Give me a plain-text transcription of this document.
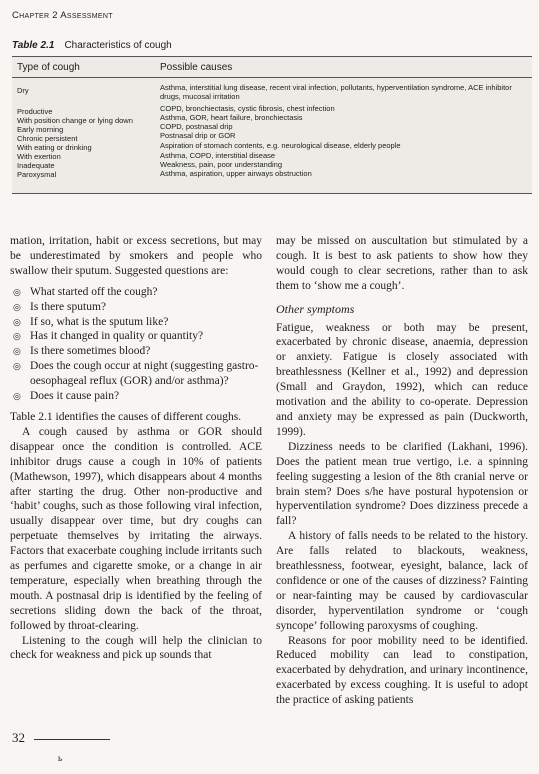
Chapter 2 Assessment
Table 2.1 Characteristics of cough
Type of cough	Possible causes
Dry	Asthma, interstitial lung disease, recent viral infection, pollutants, hyperventilation syndrome, ACE inhibitor drugs, mucosal irritation
Productive	COPD, bronchiectasis, cystic fibrosis, chest infection
With position change or lying down	Asthma, GOR, heart failure, bronchiectasis
Early morning	COPD, postnasal drip
Chronic persistent	Postnasal drip or GOR
With eating or drinking	Aspiration of stomach contents, e.g. neurological disease, elderly people
With exertion	Asthma, COPD, interstitial disease
Inadequate	Weakness, pain, poor understanding
Paroxysmal	Asthma, aspiration, upper airways obstruction

mation, irritation, habit or excess secretions, but may be underestimated by smokers and people who swallow their sputum. Suggested questions are:

◎ What started off the cough?
◎ Is there sputum?
◎ If so, what is the sputum like?
◎ Has it changed in quality or quantity?
◎ Is there sometimes blood?
◎ Does the cough occur at night (suggesting gastro-oesophageal reflux (GOR) and/or asthma)?
◎ Does it cause pain?

Table 2.1 identifies the causes of different coughs.

A cough caused by asthma or GOR should disappear once the condition is controlled. ACE inhibitor drugs cause a cough in 10% of patients (Mathewson, 1997), which disappears about 4 months after starting the drug. Other non-productive and ‘habit’ coughs, such as those following viral infection, usually disappear over time, but dry coughs can perpetuate themselves by irritating the airways. Factors that exacerbate coughing include irritants such as perfumes and cigarette smoke, or a change in air temperature, especially when breathing through the mouth. A postnasal drip is identified by the feeling of secretions sliding down the back of the throat, followed by throat-clearing.

Listening to the cough will help the clinician to check for weakness and pick up sounds that

may be missed on auscultation but stimulated by a cough. It is best to ask patients to show how they would cough to clear secretions, rather than to ask them to ‘show me a cough’.

Other symptoms

Fatigue, weakness or both may be present, exacerbated by chronic disease, anaemia, depression or anxiety. Fatigue is closely associated with breathlessness (Kellner et al., 1992) and depression (Small and Graydon, 1992), which can reduce motivation and the ability to co-operate. Depression and anxiety may be expressed as pain (Duckworth, 1999).

Dizziness needs to be clarified (Lakhani, 1996). Does the patient mean true vertigo, i.e. a spinning feeling suggesting a lesion of the 8th cranial nerve or brain stem? Does s/he have postural hypotension or hyperventilation syndrome? Does dizziness precede a fall?

A history of falls needs to be related to the history. Are falls related to blackouts, weakness, breathlessness, footwear, eyesight, balance, lack of confidence or one of the causes of dizziness? Fainting or near-fainting may be caused by cardiovascular disorder, hyperventilation syndrome or ‘cough syncope’ following paroxysms of coughing.

Reasons for poor mobility need to be identified. Reduced mobility can lead to constipation, exacerbated by dehydration, and urinary incontinence, exacerbated by excess coughing. It is useful to adopt the practice of asking patients

32
ь
